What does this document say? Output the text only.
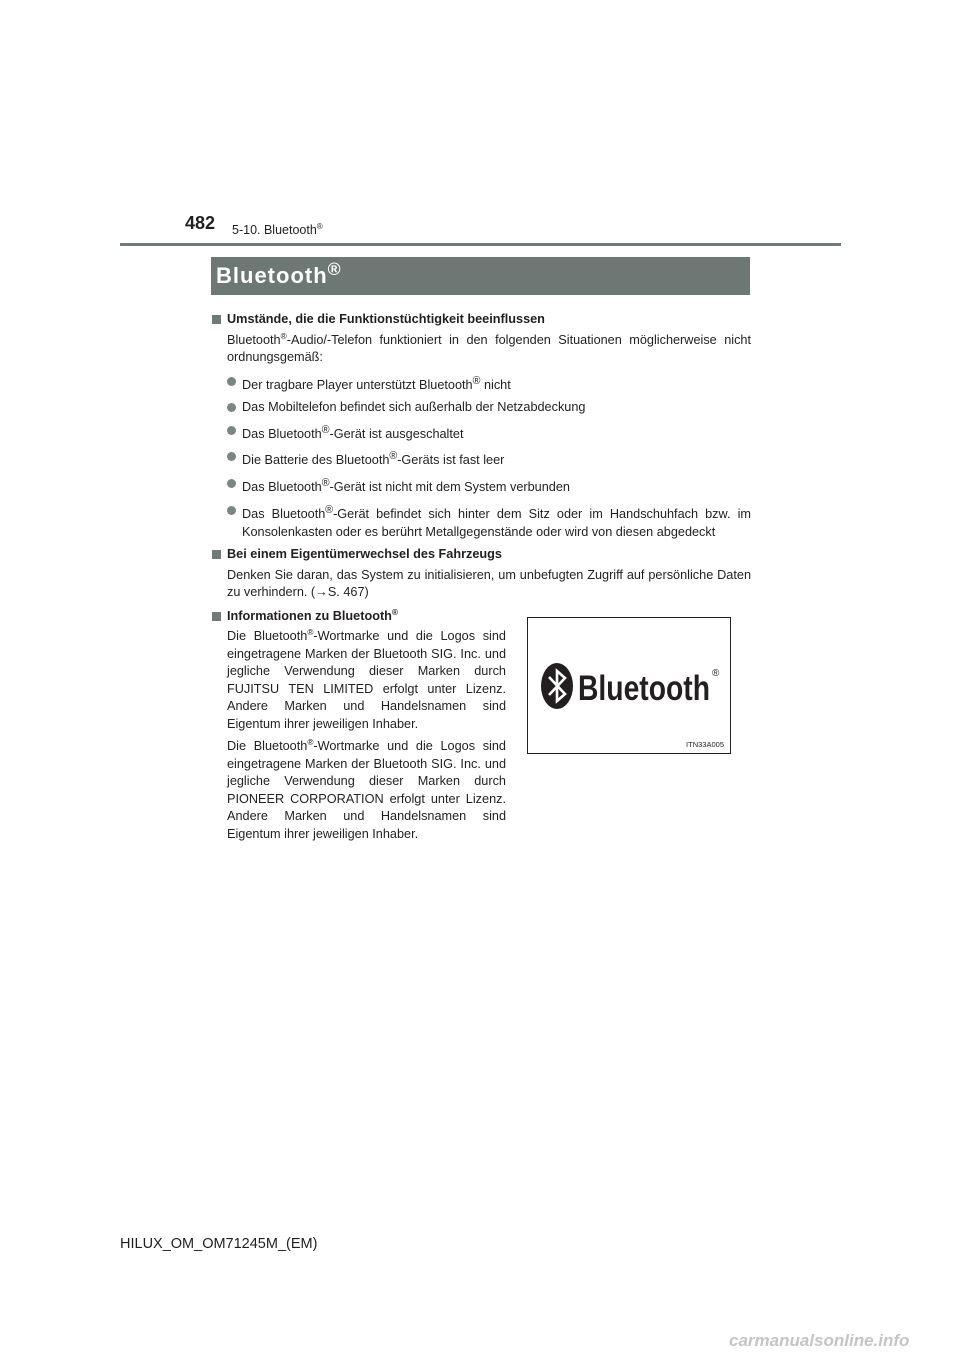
482 5-10. Bluetooth®
Bluetooth®
Umstände, die die Funktionstüchtigkeit beeinflussen

Bluetooth®-Audio/-Telefon funktioniert in den folgenden Situationen möglicherweise nicht ordnungsgemäß:

Der tragbare Player unterstützt Bluetooth® nicht
Das Mobiltelefon befindet sich außerhalb der Netzabdeckung
Das Bluetooth®-Gerät ist ausgeschaltet
Die Batterie des Bluetooth®-Geräts ist fast leer
Das Bluetooth®-Gerät ist nicht mit dem System verbunden
Das Bluetooth®-Gerät befindet sich hinter dem Sitz oder im Handschuhfach bzw. im Konsolenkasten oder es berührt Metallgegenstände oder wird von diesen abgedeckt
Bei einem Eigentümerwechsel des Fahrzeugs

Denken Sie daran, das System zu initialisieren, um unbefugten Zugriff auf persönliche Daten zu verhindern. (→S. 467)

Informationen zu Bluetooth®

Die Bluetooth®-Wortmarke und die Logos sind eingetragene Marken der Bluetooth SIG. Inc. und jegliche Verwendung dieser Marken durch FUJITSU TEN LIMITED erfolgt unter Lizenz. Andere Marken und Handelsnamen sind Eigentum ihrer jeweiligen Inhaber.

Die Bluetooth®-Wortmarke und die Logos sind eingetragene Marken der Bluetooth SIG. Inc. und jegliche Verwendung dieser Marken durch PIONEER CORPORATION erfolgt unter Lizenz. Andere Marken und Handelsnamen sind Eigentum ihrer jeweiligen Inhaber.

Bluetooth ®
ITN33A005
HILUX_OM_OM71245M_(EM)
carmanualsonline.info
